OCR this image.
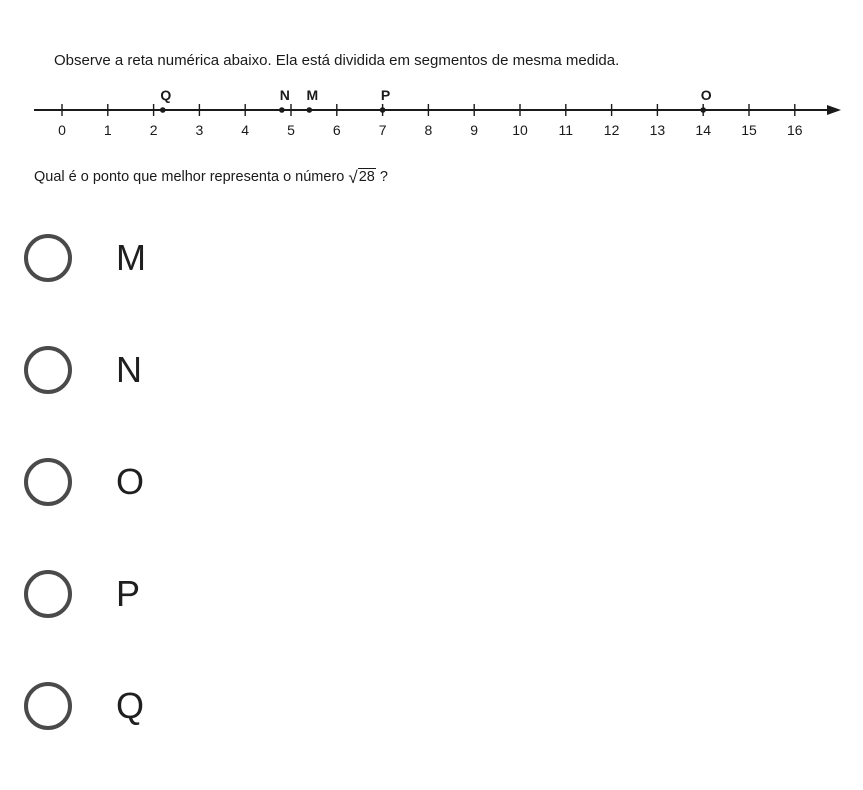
Observe a reta numérica abaixo. Ela está dividida em segmentos de mesma medida.
0	1	2	3	4	5	6	7	8	9 10 11 12 13 14 15 16
Q	N M	P	O
Qual é o ponto que melhor representa o número √ 28 ?
M
N
O
P
Q
